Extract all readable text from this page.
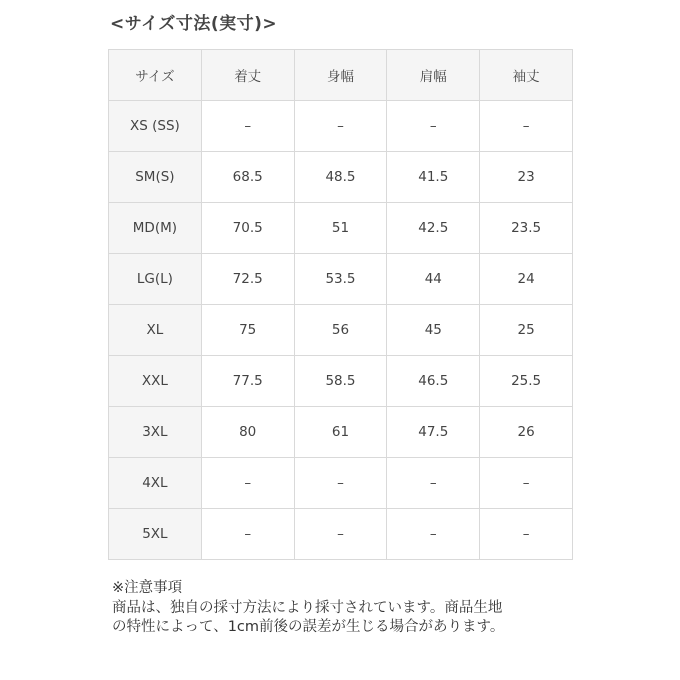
<サイズ寸法(実寸)>
サイズ	着丈	身幅	肩幅	袖丈
XS (SS)	–	–	–	–
SM(S)	68.5	48.5	41.5	23
MD(M)	70.5	51	42.5	23.5
LG(L)	72.5	53.5	44	24
XL	75	56	45	25
XXL	77.5	58.5	46.5	25.5
3XL	80	61	47.5	26
4XL	–	–	–	–
5XL	–	–	–	–
※注意事項
商品は、独自の採寸方法により採寸されています。商品生地
の特性によって、1cm前後の誤差が生じる場合があります。
